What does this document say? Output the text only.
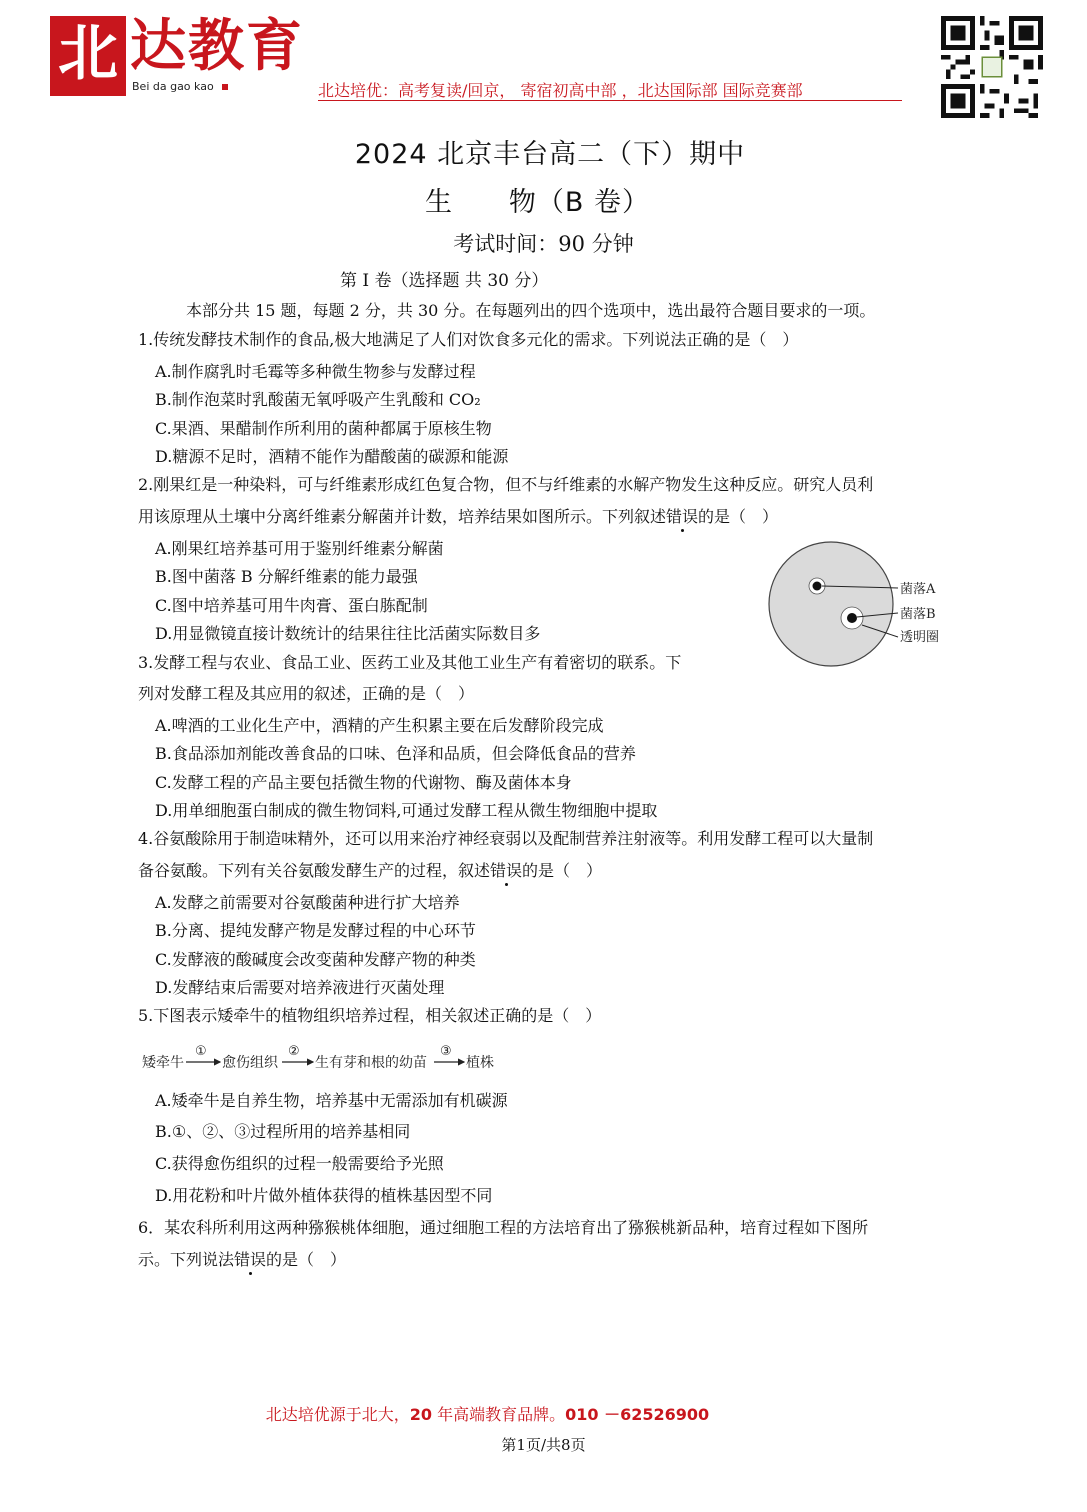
北 达教育
Bei da gao kao	北达培优：高考复读/回京， 寄宿初高中部 ，北达国际部 国际竞赛部
2024 北京丰台高二（下）期中
生　　物（B 卷）
考试时间：90 分钟
第 I 卷（选择题 共 30 分）
本部分共 15 题，每题 2 分，共 30 分。在每题列出的四个选项中，选出最符合题目要求的一项。
1.传统发酵技术制作的食品,极大地满足了人们对饮食多元化的需求。下列说法正确的是（　）
A.制作腐乳时毛霉等多种微生物参与发酵过程
B.制作泡菜时乳酸菌无氧呼吸产生乳酸和 CO₂
C.果酒、果醋制作所利用的菌种都属于原核生物
D.糖源不足时，酒精不能作为醋酸菌的碳源和能源
2.刚果红是一种染料，可与纤维素形成红色复合物，但不与纤维素的水解产物发生这种反应。研究人员利
用该原理从土壤中分离纤维素分解菌并计数，培养结果如图所示。下列叙述错误的是（　）
A.刚果红培养基可用于鉴别纤维素分解菌
B.图中菌落 B 分解纤维素的能力最强
C.图中培养基可用牛肉膏、蛋白胨配制
D.用显微镜直接计数统计的结果往往比活菌实际数目多
菌落A
菌落B
透明圈
3.发酵工程与农业、食品工业、医药工业及其他工业生产有着密切的联系。下
列对发酵工程及其应用的叙述，正确的是（　）
A.啤酒的工业化生产中，酒精的产生积累主要在后发酵阶段完成
B.食品添加剂能改善食品的口味、色泽和品质，但会降低食品的营养
C.发酵工程的产品主要包括微生物的代谢物、酶及菌体本身
D.用单细胞蛋白制成的微生物饲料,可通过发酵工程从微生物细胞中提取
4.谷氨酸除用于制造味精外，还可以用来治疗神经衰弱以及配制营养注射液等。利用发酵工程可以大量制
备谷氨酸。下列有关谷氨酸发酵生产的过程，叙述错误的是（　）
A.发酵之前需要对谷氨酸菌种进行扩大培养
B.分离、提纯发酵产物是发酵过程的中心环节
C.发酵液的酸碱度会改变菌种发酵产物的种类
D.发酵结束后需要对培养液进行灭菌处理
5.下图表示矮牵牛的植物组织培养过程，相关叙述正确的是（　）
矮牵牛
①
愈伤组织
②
生有芽和根的幼苗
③
植株
A.矮牵牛是自养生物，培养基中无需添加有机碳源
B.①、②、③过程所用的培养基相同
C.获得愈伤组织的过程一般需要给予光照
D.用花粉和叶片做外植体获得的植株基因型不同
6．某农科所利用这两种猕猴桃体细胞，通过细胞工程的方法培育出了猕猴桃新品种，培育过程如下图所
示。下列说法错误的是（　）
北达培优源于北大，20 年高端教育品牌。010 －62526900
第1页/共8页
